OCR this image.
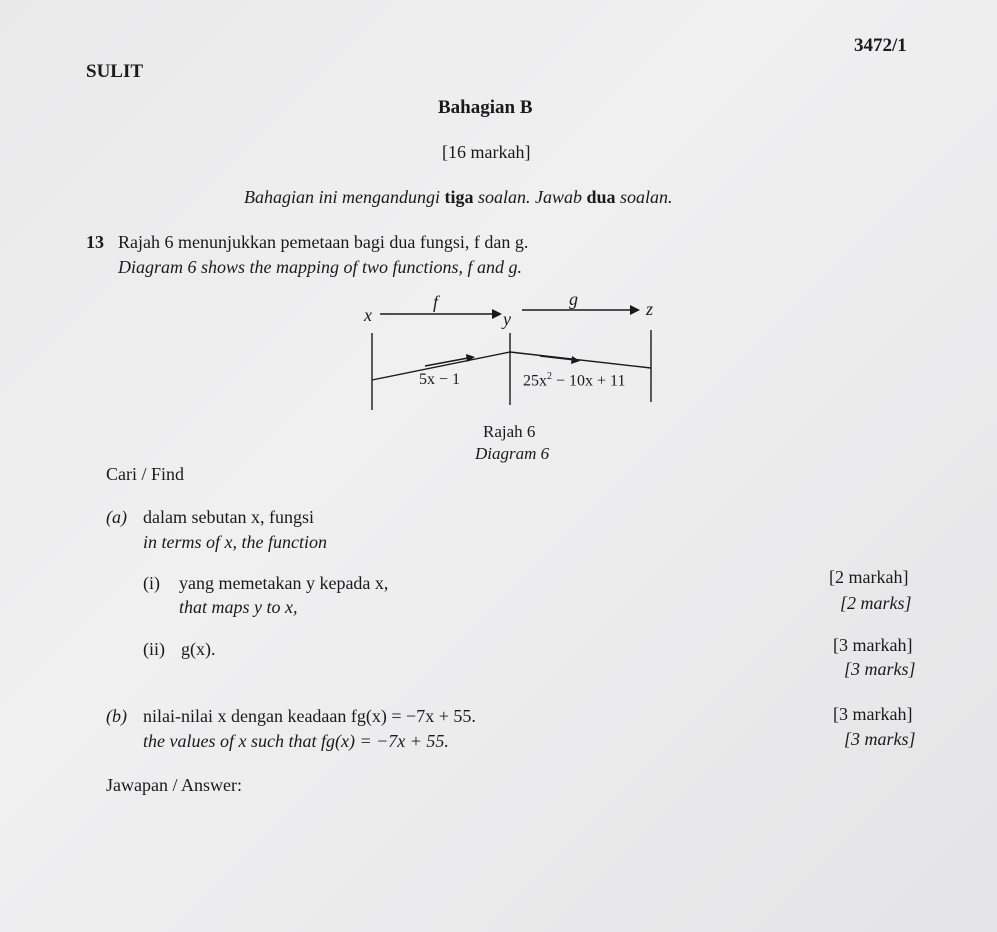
3472/1
SULIT
Bahagian B
[16 markah]
Bahagian ini mengandungi tiga soalan. Jawab dua soalan.
13 Rajah 6 menunjukkan pemetaan bagi dua fungsi, f dan g.
Diagram 6 shows the mapping of two functions, f and g.
x
f
y
g	z
5x − 1	$25x^2 - 10x + 11$
Rajah 6
Diagram 6
Cari / Find
(a) dalam sebutan x, fungsi
in terms of x, the function
(i) yang memetakan y kepada x,
that maps y to x,
[2 markah]
[2 marks]
(ii) g(x).	[3 markah]
[3 marks]
(b) nilai-nilai x dengan keadaan fg(x) = −7x + 55.
the values of x such that fg(x) = −7x + 55.
[3 markah]
[3 marks]
Jawapan / Answer:
